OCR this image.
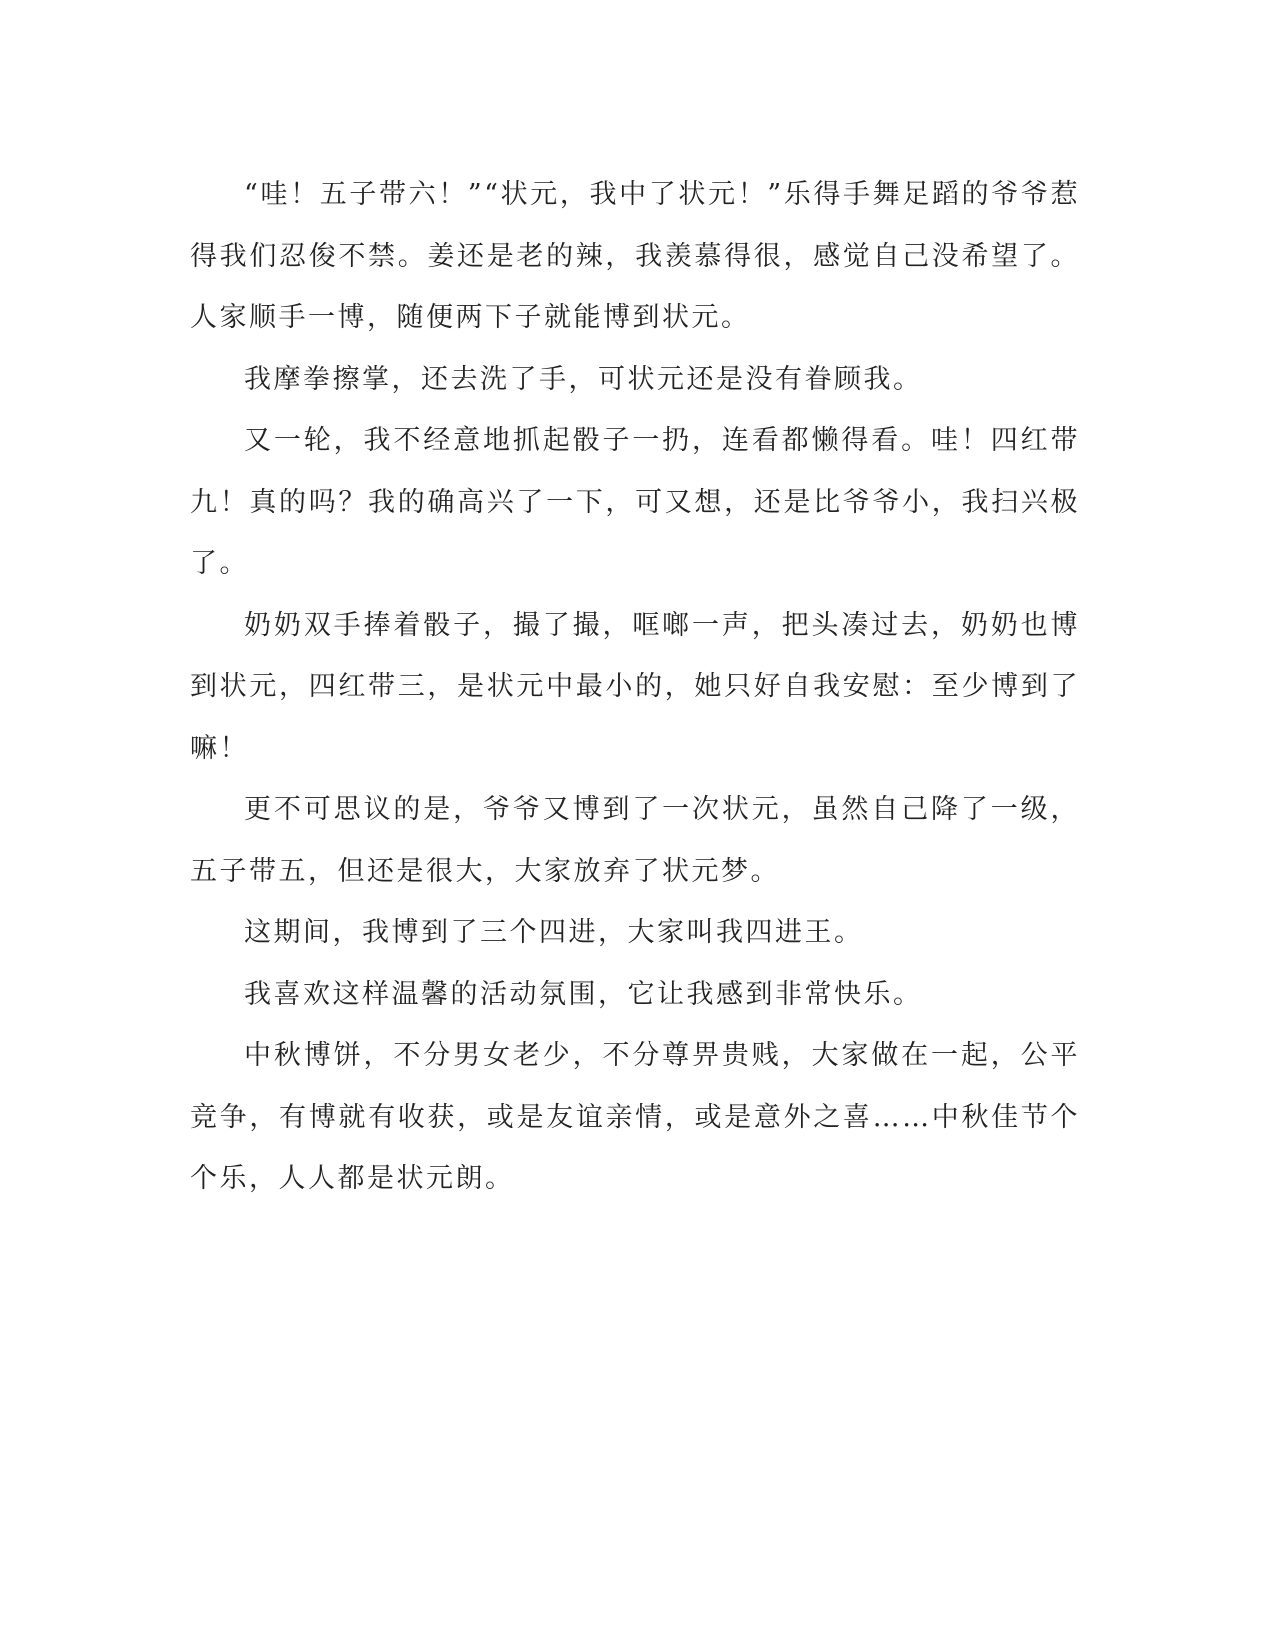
“哇！五子带六！”“状元，我中了状元！”乐得手舞足蹈的爷爷惹得我们忍俊不禁。姜还是老的辣，我羡慕得很，感觉自己没希望了。人家顺手一博，随便两下子就能博到状元。

我摩拳擦掌，还去洗了手，可状元还是没有眷顾我。

又一轮，我不经意地抓起骰子一扔，连看都懒得看。哇！四红带九！真的吗？我的确高兴了一下，可又想，还是比爷爷小，我扫兴极了。

奶奶双手捧着骰子，撮了撮，哐啷一声，把头凑过去，奶奶也博到状元，四红带三，是状元中最小的，她只好自我安慰：至少博到了嘛！

更不可思议的是，爷爷又博到了一次状元，虽然自己降了一级，五子带五，但还是很大，大家放弃了状元梦。

这期间，我博到了三个四进，大家叫我四进王。

我喜欢这样温馨的活动氛围，它让我感到非常快乐。

中秋博饼，不分男女老少，不分尊畀贵贱，大家做在一起，公平竞争，有博就有收获，或是友谊亲情，或是意外之喜……中秋佳节个个乐，人人都是状元朗。
